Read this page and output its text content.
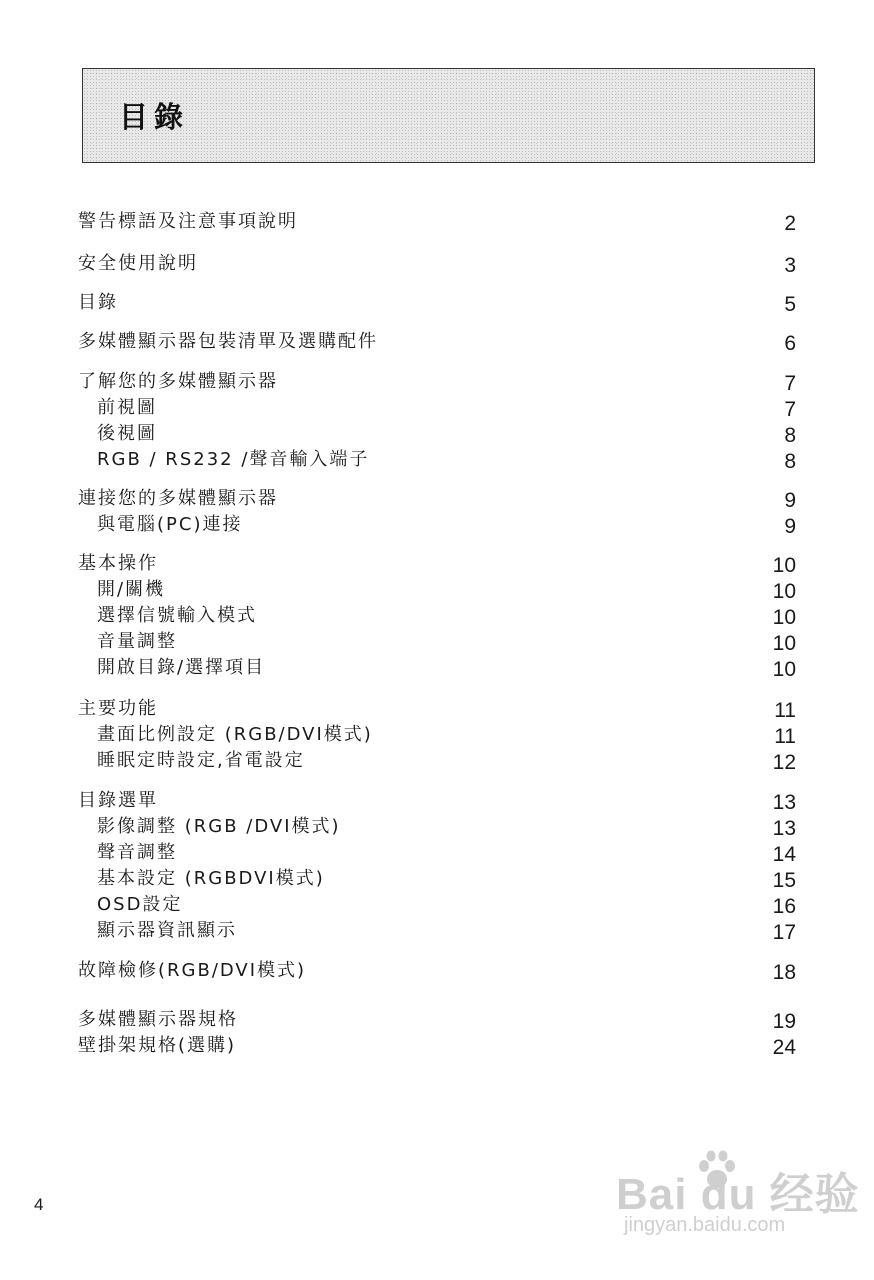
目錄
警告標語及注意事項說明	2
安全使用說明	3
目錄	5
多媒體顯示器包裝清單及選購配件	6
了解您的多媒體顯示器	7
前視圖	7
後視圖	8
RGB / RS232 /聲音輸入端子	8
連接您的多媒體顯示器	9
與電腦(PC)連接	9
基本操作	10
開/關機	10
選擇信號輸入模式	10
音量調整	10
開啟目錄/選擇項目	10
主要功能	11
畫面比例設定 (RGB/DVI模式)	11
睡眠定時設定,省電設定	12
目錄選單	13
影像調整 (RGB /DVI模式)	13
聲音調整	14
基本設定 (RGBDVI模式)	15
OSD設定	16
顯示器資訊顯示	17
故障檢修(RGB/DVI模式)	18
多媒體顯示器規格	19
壁掛架規格(選購)	24
4	Bai du 经验
jingyan.baidu.com
